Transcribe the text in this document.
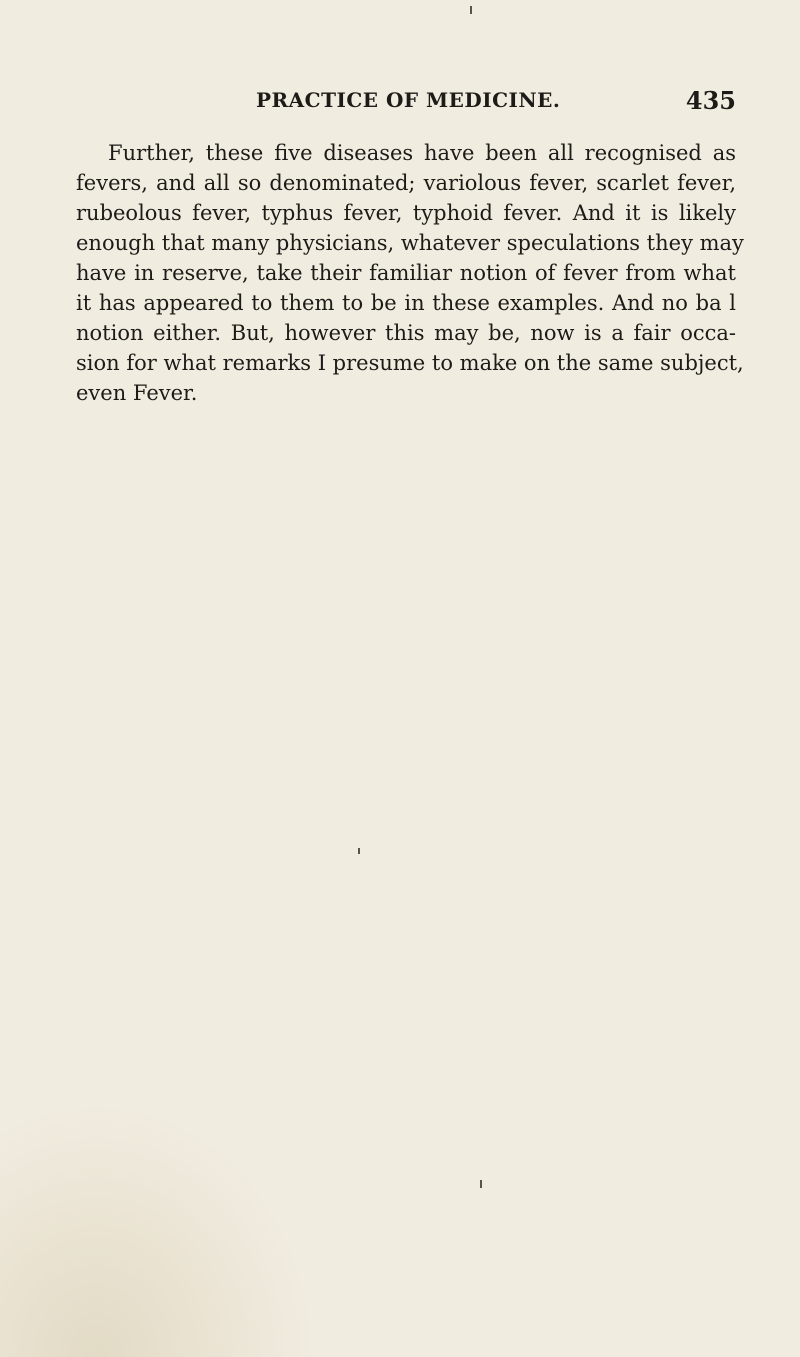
PRACTICE OF MEDICINE.	435
Further, these five diseases have been all recognised as
fevers, and all so denominated; variolous fever, scarlet fever,
rubeolous fever, typhus fever, typhoid fever. And it is likely
enough that many physicians, whatever speculations they may
have in reserve, take their familiar notion of fever from what
it has appeared to them to be in these examples. And no ba l
notion either. But, however this may be, now is a fair occa-
sion for what remarks I presume to make on the same subject,
even Fever.
